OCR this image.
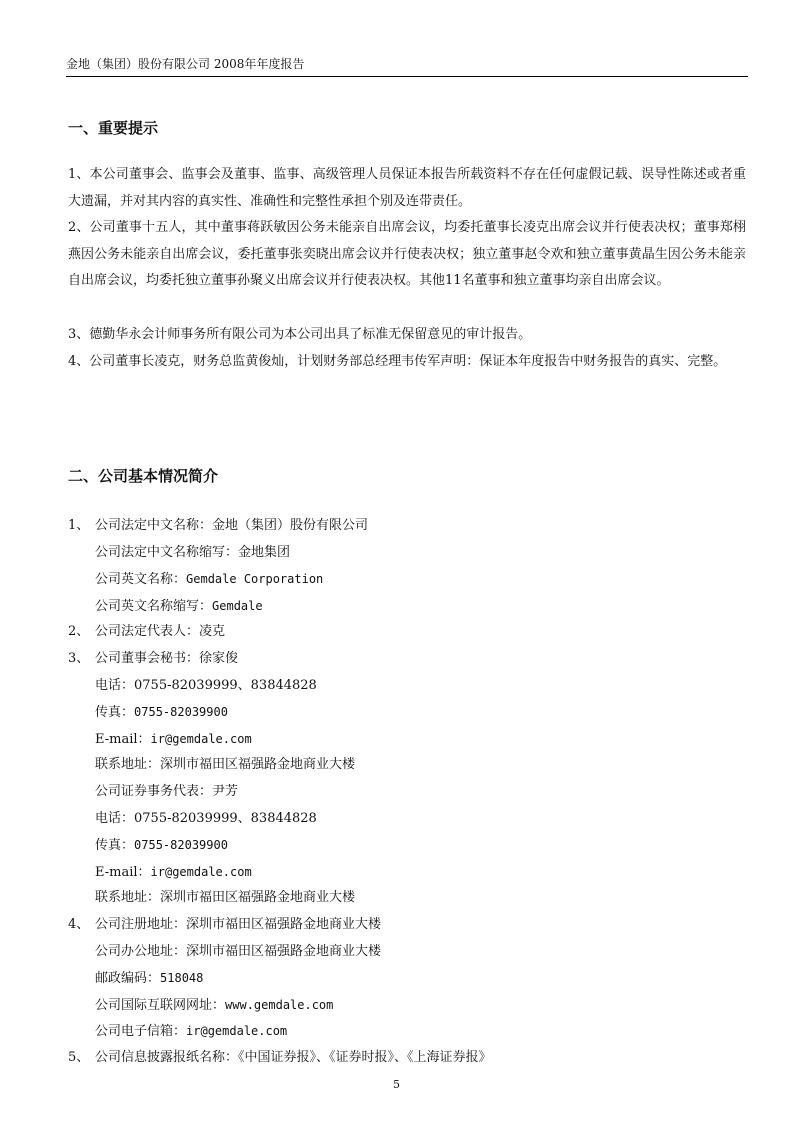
金地（集团）股份有限公司 2008年年度报告
一、重要提示

1、本公司董事会、监事会及董事、监事、高级管理人员保证本报告所载资料不存在任何虚假记载、误导性陈述或者重大遗漏，并对其内容的真实性、准确性和完整性承担个别及连带责任。

2、公司董事十五人，其中董事蒋跃敏因公务未能亲自出席会议，均委托董事长凌克出席会议并行使表决权；董事郑栩燕因公务未能亲自出席会议，委托董事张奕晓出席会议并行使表决权；独立董事赵令欢和独立董事黄晶生因公务未能亲自出席会议，均委托独立董事孙聚义出席会议并行使表决权。其他11名董事和独立董事均亲自出席会议。

3、德勤华永会计师事务所有限公司为本公司出具了标准无保留意见的审计报告。

4、公司董事长凌克，财务总监黄俊灿，计划财务部总经理韦传军声明：保证本年度报告中财务报告的真实、完整。

二、公司基本情况简介
1、 公司法定中文名称：金地（集团）股份有限公司
公司法定中文名称缩写：金地集团
公司英文名称：Gemdale Corporation
公司英文名称缩写：Gemdale
2、 公司法定代表人：凌克
3、 公司董事会秘书：徐家俊
电话：0755-82039999、83844828
传真：0755-82039900
E-mail：ir@gemdale.com
联系地址：深圳市福田区福强路金地商业大楼
公司证券事务代表：尹芳
电话：0755-82039999、83844828
传真：0755-82039900
E-mail：ir@gemdale.com
联系地址：深圳市福田区福强路金地商业大楼
4、 公司注册地址：深圳市福田区福强路金地商业大楼
公司办公地址：深圳市福田区福强路金地商业大楼
邮政编码：518048
公司国际互联网网址：www.gemdale.com
公司电子信箱：ir@gemdale.com
5、 公司信息披露报纸名称：《中国证券报》、《证券时报》、《上海证券报》
5
